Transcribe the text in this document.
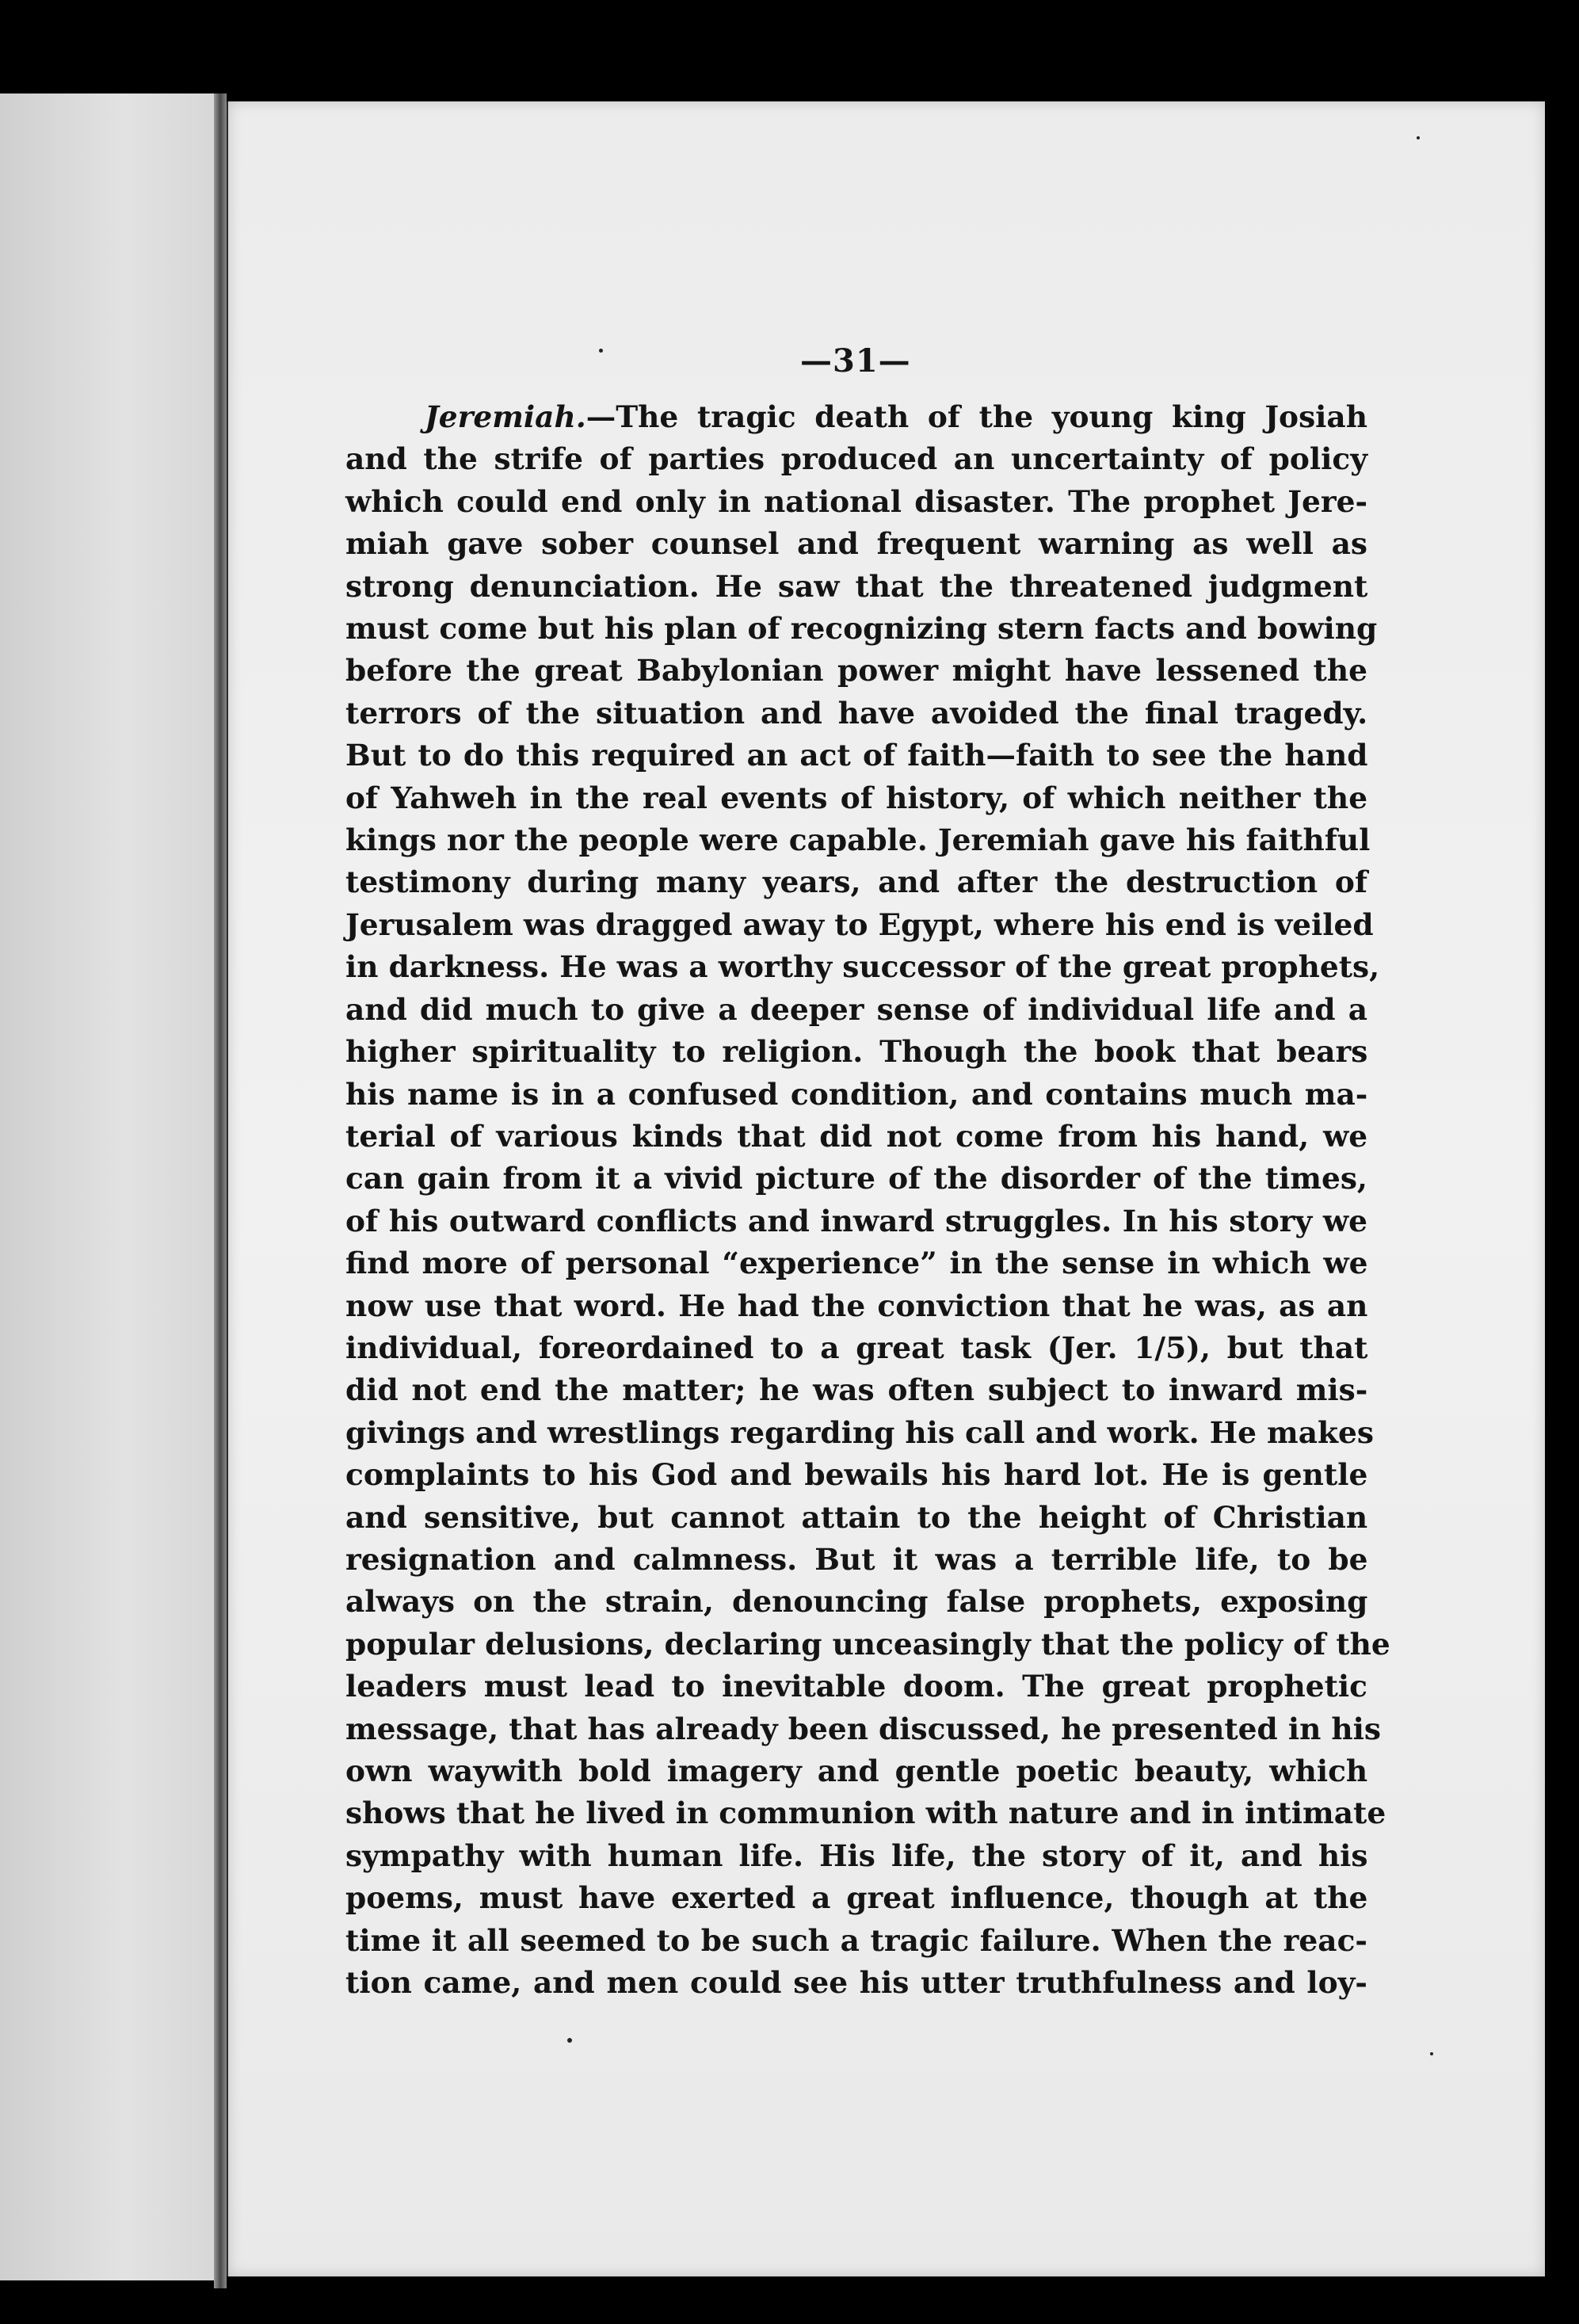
—31—
Jeremiah.—The tragic death of the young king Josiah
and the strife of parties produced an uncertainty of policy
which could end only in national disaster. The prophet Jere-
miah gave sober counsel and frequent warning as well as
strong denunciation. He saw that the threatened judgment
must come but his plan of recognizing stern facts and bowing
before the great Babylonian power might have lessened the
terrors of the situation and have avoided the final tragedy.
But to do this required an act of faith—faith to see the hand
of Yahweh in the real events of history, of which neither the
kings nor the people were capable. Jeremiah gave his faithful
testimony during many years, and after the destruction of
Jerusalem was dragged away to Egypt, where his end is veiled
in darkness. He was a worthy successor of the great prophets,
and did much to give a deeper sense of individual life and a
higher spirituality to religion. Though the book that bears
his name is in a confused condition, and contains much ma-
terial of various kinds that did not come from his hand, we
can gain from it a vivid picture of the disorder of the times,
of his outward conflicts and inward struggles. In his story we
find more of personal “experience” in the sense in which we
now use that word. He had the conviction that he was, as an
individual, foreordained to a great task (Jer. 1/5), but that
did not end the matter; he was often subject to inward mis-
givings and wrestlings regarding his call and work. He makes
complaints to his God and bewails his hard lot. He is gentle
and sensitive, but cannot attain to the height of Christian
resignation and calmness. But it was a terrible life, to be
always on the strain, denouncing false prophets, exposing
popular delusions, declaring unceasingly that the policy of the
leaders must lead to inevitable doom. The great prophetic
message, that has already been discussed, he presented in his
own waywith bold imagery and gentle poetic beauty, which
shows that he lived in communion with nature and in intimate
sympathy with human life. His life, the story of it, and his
poems, must have exerted a great influence, though at the
time it all seemed to be such a tragic failure. When the reac-
tion came, and men could see his utter truthfulness and loy-
